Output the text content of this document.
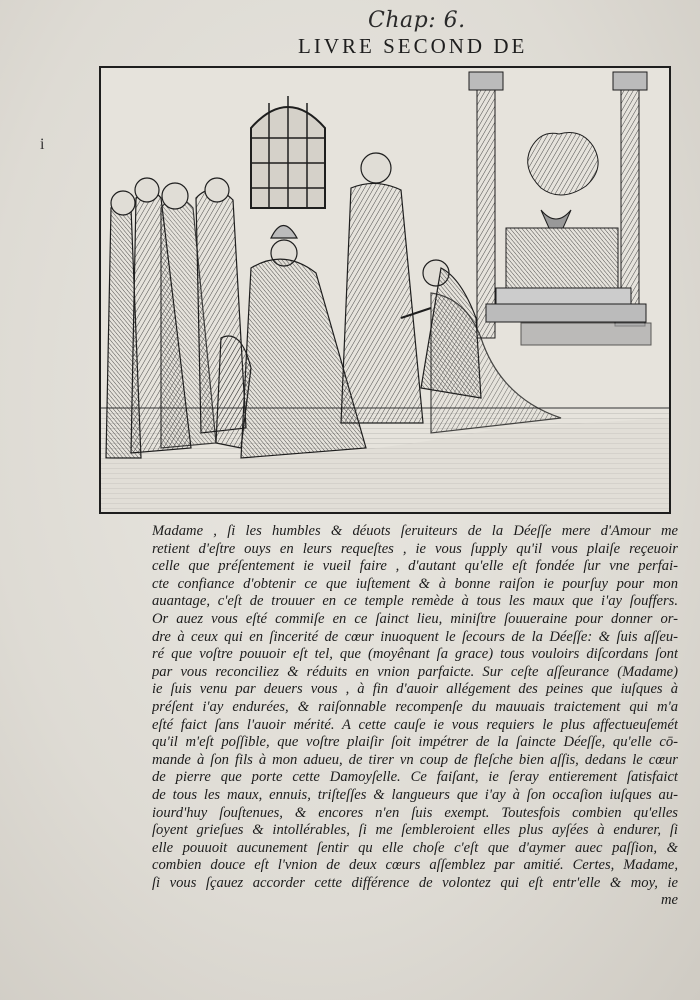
Chap: 6.
LIVRE SECOND DE
i
Madame , ſi les humbles & déuots ſeruiteurs de la Déeſſe mere d'Amour me
retient d'eſtre ouys en leurs requeſtes , ie vous ſupply qu'il vous plaiſe reçeuoir
celle que préſentement ie vueil faire , d'autant qu'elle eſt fondée ſur vne perfai-
cte confiance d'obtenir ce que iuſtement & à bonne raiſon ie pourſuy pour mon
auantage, c'eſt de trouuer en ce temple remède à tous les maux que i'ay ſouffers.
Or auez vous eſté commiſe en ce ſainct lieu, miniſtre ſouueraine pour donner or-
dre à ceux qui en ſincerité de cœur inuoquent le ſecours de la Déeſſe: & ſuis aſſeu-
ré que voſtre pouuoir eſt tel, que (moyênant ſa grace) tous vouloirs diſcordans ſont
par vous reconciliez & réduits en vnion parfaicte. Sur ceſte aſſeurance (Madame)
ie ſuis venu par deuers vous , à fin d'auoir allégement des peines que iuſques à
préſent i'ay endurées, & raiſonnable recompenſe du mauuais traictement qui m'a
eſté faict ſans l'auoir mérité. A cette cauſe ie vous requiers le plus affectueuſemét
qu'il m'eſt poſſible, que voſtre plaiſir ſoit impétrer de la ſaincte Déeſſe, qu'elle cō-
mande à ſon fils à mon adueu, de tirer vn coup de fleſche bien aſſis, dedans le cœur
de pierre que porte cette Damoyſelle. Ce faiſant, ie ſeray entierement ſatisfaict
de tous les maux, ennuis, triſteſſes & langueurs que i'ay à ſon occaſion iuſques au-
iourd'huy ſouſtenues, & encores n'en ſuis exempt. Toutesfois combien qu'elles
ſoyent grieſues & intollérables, ſi me ſembleroient elles plus ayſées à endurer, ſi
elle pouuoit aucunement ſentir qu elle choſe c'eſt que d'aymer auec paſſion, &
combien douce eſt l'vnion de deux cœurs aſſemblez par amitié. Certes, Madame,
ſi vous ſçauez accorder cette différence de volontez qui eſt entr'elle & moy, ie
me
